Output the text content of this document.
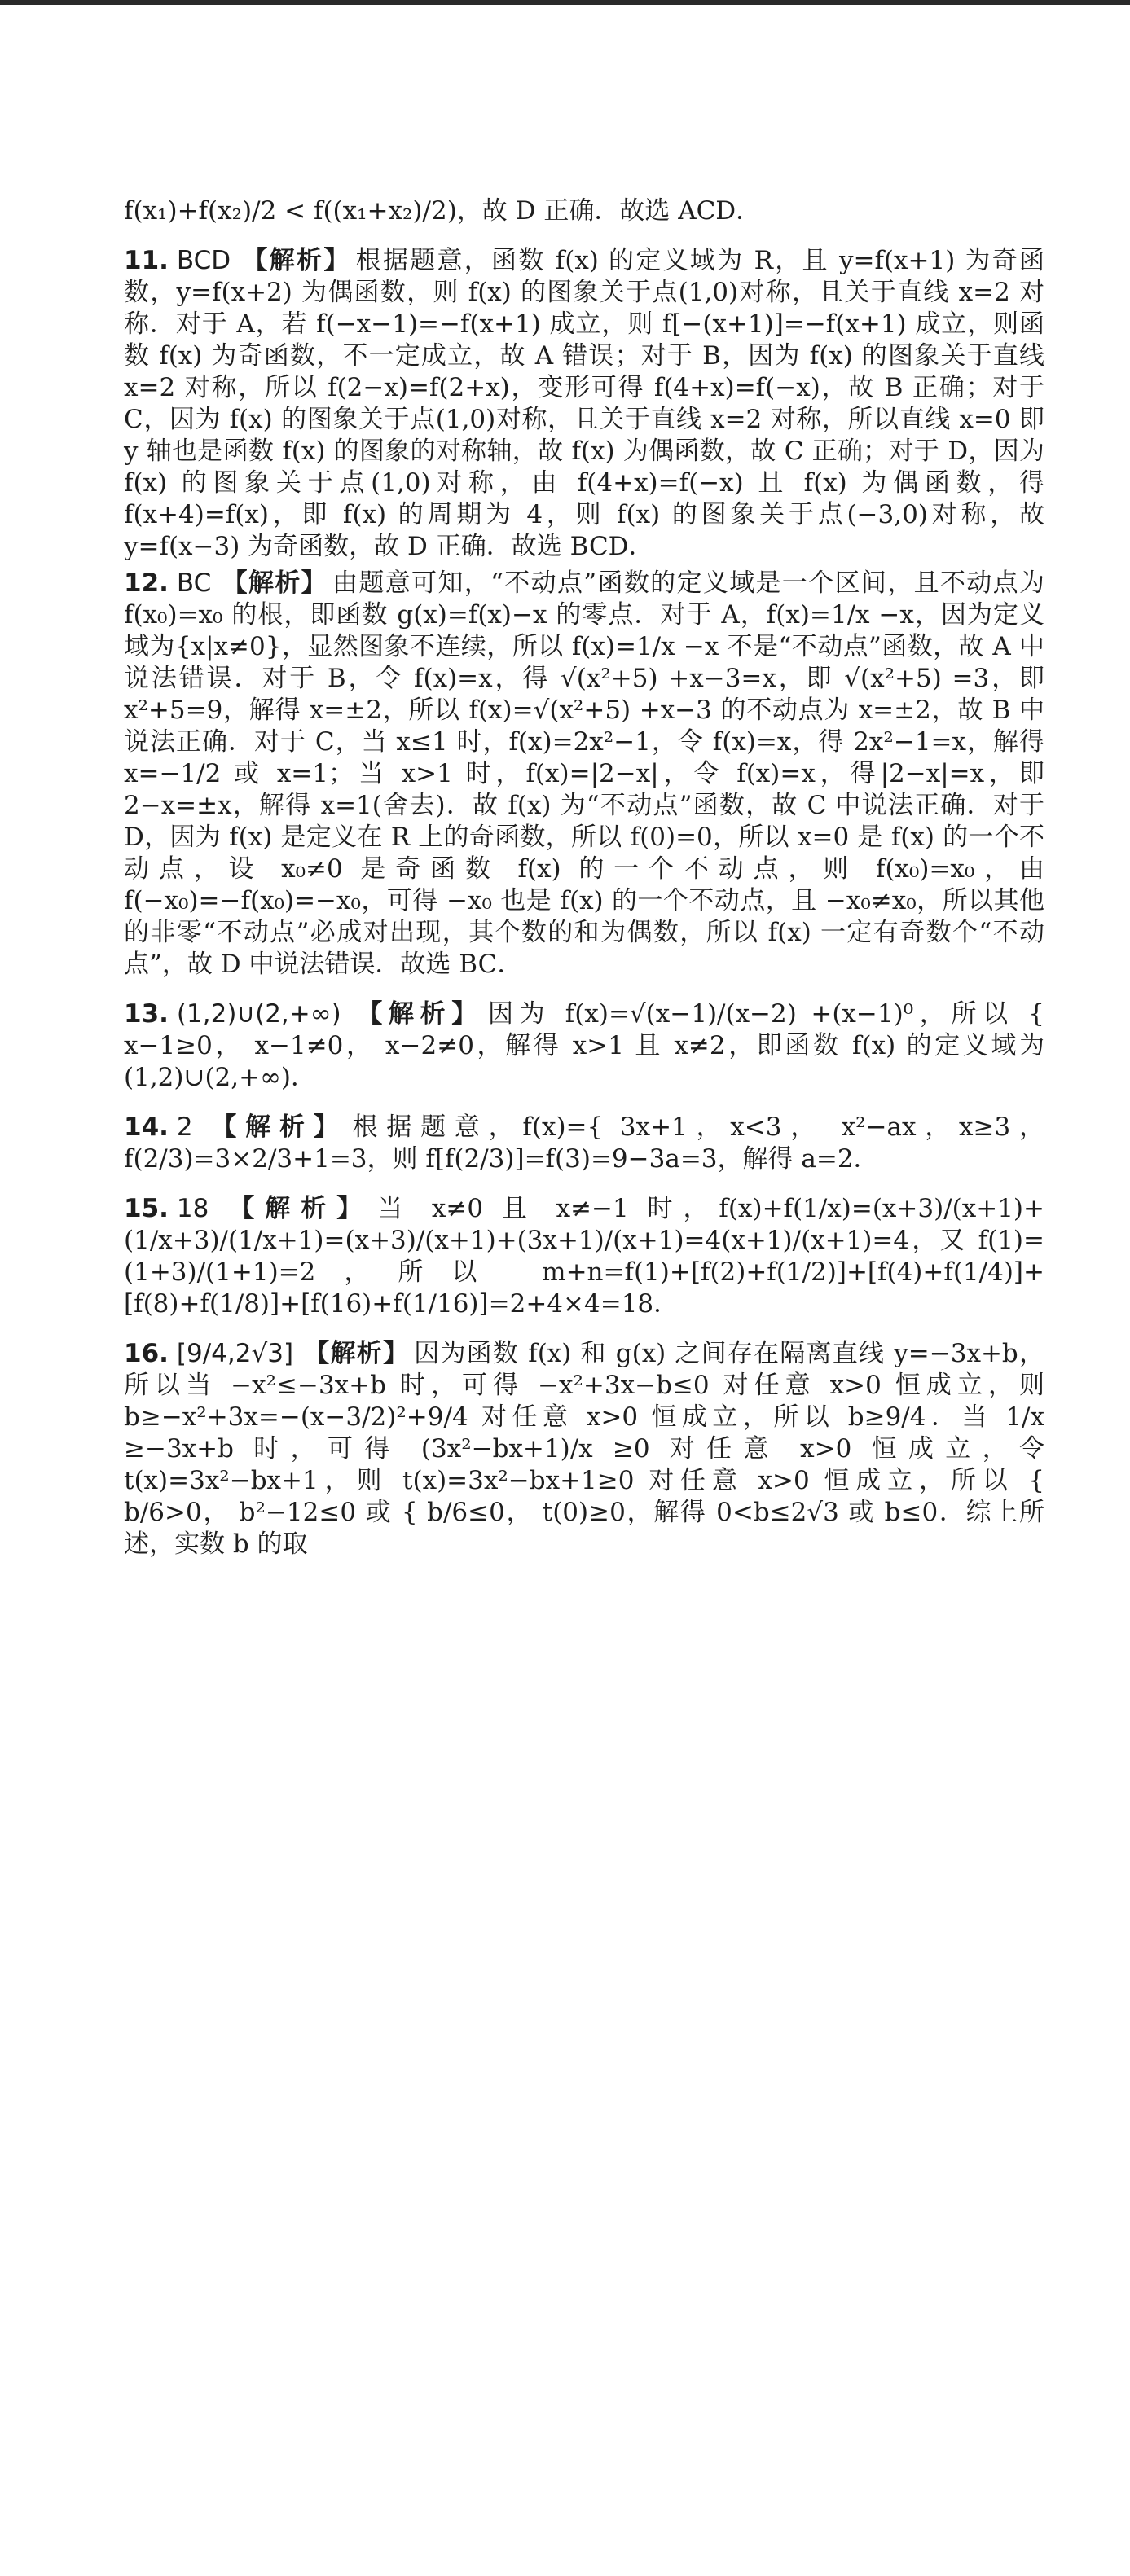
f(x₁)+f(x₂)/2 < f((x₁+x₂)/2)，故 D 正确．故选 ACD．

11. BCD 【解析】 根据题意，函数 f(x) 的定义域为 R，且 y=f(x+1) 为奇函数，y=f(x+2) 为偶函数，则 f(x) 的图象关于点(1,0)对称，且关于直线 x=2 对称．对于 A，若 f(−x−1)=−f(x+1) 成立，则 f[−(x+1)]=−f(x+1) 成立，则函数 f(x) 为奇函数，不一定成立，故 A 错误；对于 B，因为 f(x) 的图象关于直线 x=2 对称，所以 f(2−x)=f(2+x)，变形可得 f(4+x)=f(−x)，故 B 正确；对于 C，因为 f(x) 的图象关于点(1,0)对称，且关于直线 x=2 对称，所以直线 x=0 即 y 轴也是函数 f(x) 的图象的对称轴，故 f(x) 为偶函数，故 C 正确；对于 D，因为 f(x) 的图象关于点(1,0)对称，由 f(4+x)=f(−x) 且 f(x) 为偶函数，得 f(x+4)=f(x)，即 f(x) 的周期为 4，则 f(x) 的图象关于点(−3,0)对称，故 y=f(x−3) 为奇函数，故 D 正确．故选 BCD．

12. BC 【解析】 由题意可知，“不动点”函数的定义域是一个区间，且不动点为 f(x₀)=x₀ 的根，即函数 g(x)=f(x)−x 的零点．对于 A，f(x)=1/x −x，因为定义域为{x|x≠0}，显然图象不连续，所以 f(x)=1/x −x 不是“不动点”函数，故 A 中说法错误．对于 B，令 f(x)=x，得 √(x²+5) +x−3=x，即 √(x²+5) =3，即 x²+5=9，解得 x=±2，所以 f(x)=√(x²+5) +x−3 的不动点为 x=±2，故 B 中说法正确．对于 C，当 x≤1 时，f(x)=2x²−1，令 f(x)=x，得 2x²−1=x，解得 x=−1/2 或 x=1；当 x>1 时，f(x)=|2−x|，令 f(x)=x，得|2−x|=x，即 2−x=±x，解得 x=1(舍去)．故 f(x) 为“不动点”函数，故 C 中说法正确．对于 D，因为 f(x) 是定义在 R 上的奇函数，所以 f(0)=0，所以 x=0 是 f(x) 的一个不动点，设 x₀≠0 是奇函数 f(x) 的一个不动点，则 f(x₀)=x₀，由 f(−x₀)=−f(x₀)=−x₀，可得 −x₀ 也是 f(x) 的一个不动点，且 −x₀≠x₀，所以其他的非零“不动点”必成对出现，其个数的和为偶数，所以 f(x) 一定有奇数个“不动点”，故 D 中说法错误．故选 BC．

13. (1,2)∪(2,+∞) 【解析】 因为 f(x)=√(x−1)/(x−2) +(x−1)⁰，所以 { x−1≥0， x−1≠0， x−2≠0，解得 x>1 且 x≠2，即函数 f(x) 的定义域为(1,2)∪(2,+∞)．

14. 2 【解析】 根据题意，f(x)={ 3x+1，x<3， x²−ax，x≥3，f(2/3)=3×2/3+1=3，则 f[f(2/3)]=f(3)=9−3a=3，解得 a=2．

15. 18 【解析】 当 x≠0 且 x≠−1 时，f(x)+f(1/x)=(x+3)/(x+1)+(1/x+3)/(1/x+1)=(x+3)/(x+1)+(3x+1)/(x+1)=4(x+1)/(x+1)=4，又 f(1)=(1+3)/(1+1)=2，所以 m+n=f(1)+[f(2)+f(1/2)]+[f(4)+f(1/4)]+[f(8)+f(1/8)]+[f(16)+f(1/16)]=2+4×4=18．

16. [9/4,2√3] 【解析】 因为函数 f(x) 和 g(x) 之间存在隔离直线 y=−3x+b，所以当 −x²≤−3x+b 时，可得 −x²+3x−b≤0 对任意 x>0 恒成立，则 b≥−x²+3x=−(x−3/2)²+9/4 对任意 x>0 恒成立，所以 b≥9/4．当 1/x ≥−3x+b 时，可得 (3x²−bx+1)/x ≥0 对任意 x>0 恒成立，令 t(x)=3x²−bx+1，则 t(x)=3x²−bx+1≥0 对任意 x>0 恒成立，所以 { b/6>0， b²−12≤0 或 { b/6≤0， t(0)≥0，解得 0<b≤2√3 或 b≤0．综上所述，实数 b 的取
